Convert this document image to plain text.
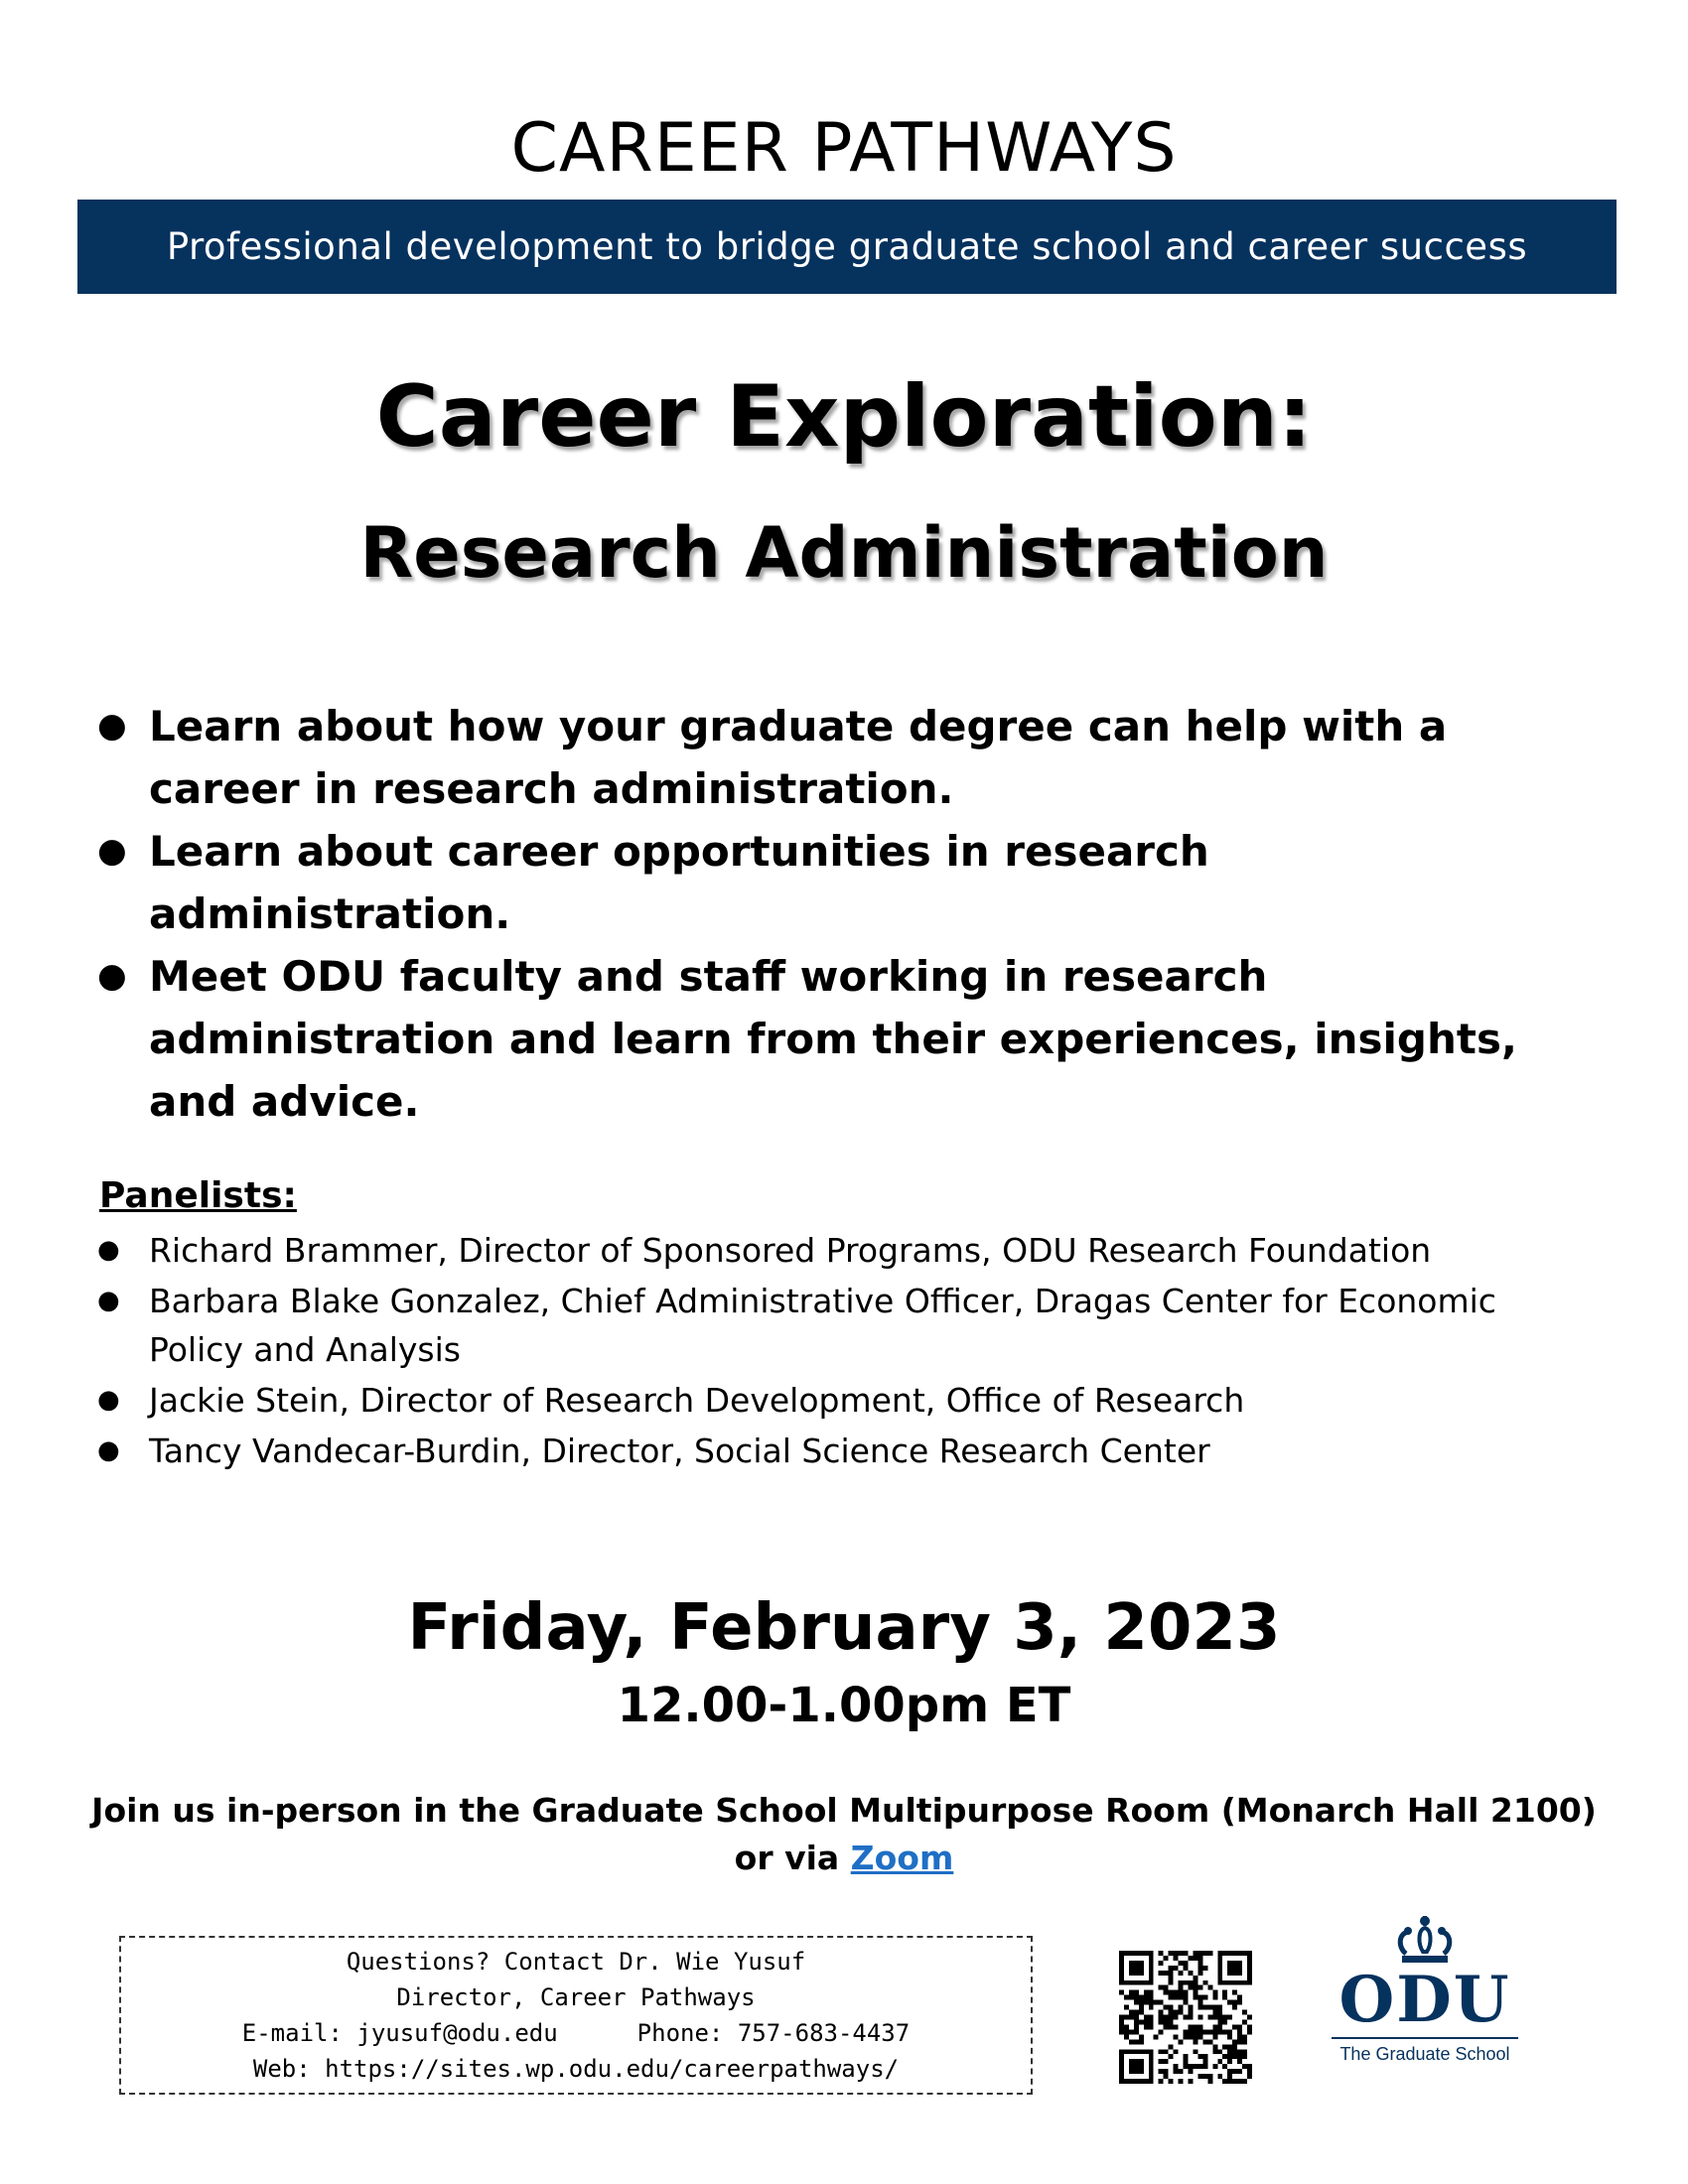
CAREER PATHWAYS
Professional development to bridge graduate school and career success
Career Exploration:
Research Administration
● Learn about how your graduate degree can help with a career in research administration.
● Learn about career opportunities in research administration.
● Meet ODU faculty and staff working in research administration and learn from their experiences, insights, and advice.
Panelists:
● Richard Brammer, Director of Sponsored Programs, ODU Research Foundation
● Barbara Blake Gonzalez, Chief Administrative Officer, Dragas Center for Economic Policy and Analysis
● Jackie Stein, Director of Research Development, Office of Research
● Tancy Vandecar-Burdin, Director, Social Science Research Center
Friday, February 3, 2023
12.00-1.00pm ET
Join us in-person in the Graduate School Multipurpose Room (Monarch Hall 2100)
or via Zoom
Questions? Contact Dr. Wie Yusuf
Director, Career Pathways
E-mail: jyusuf@odu.edu	Phone: 757-683-4437
Web: https://sites.wp.odu.edu/careerpathways/
ODU
The Graduate School
